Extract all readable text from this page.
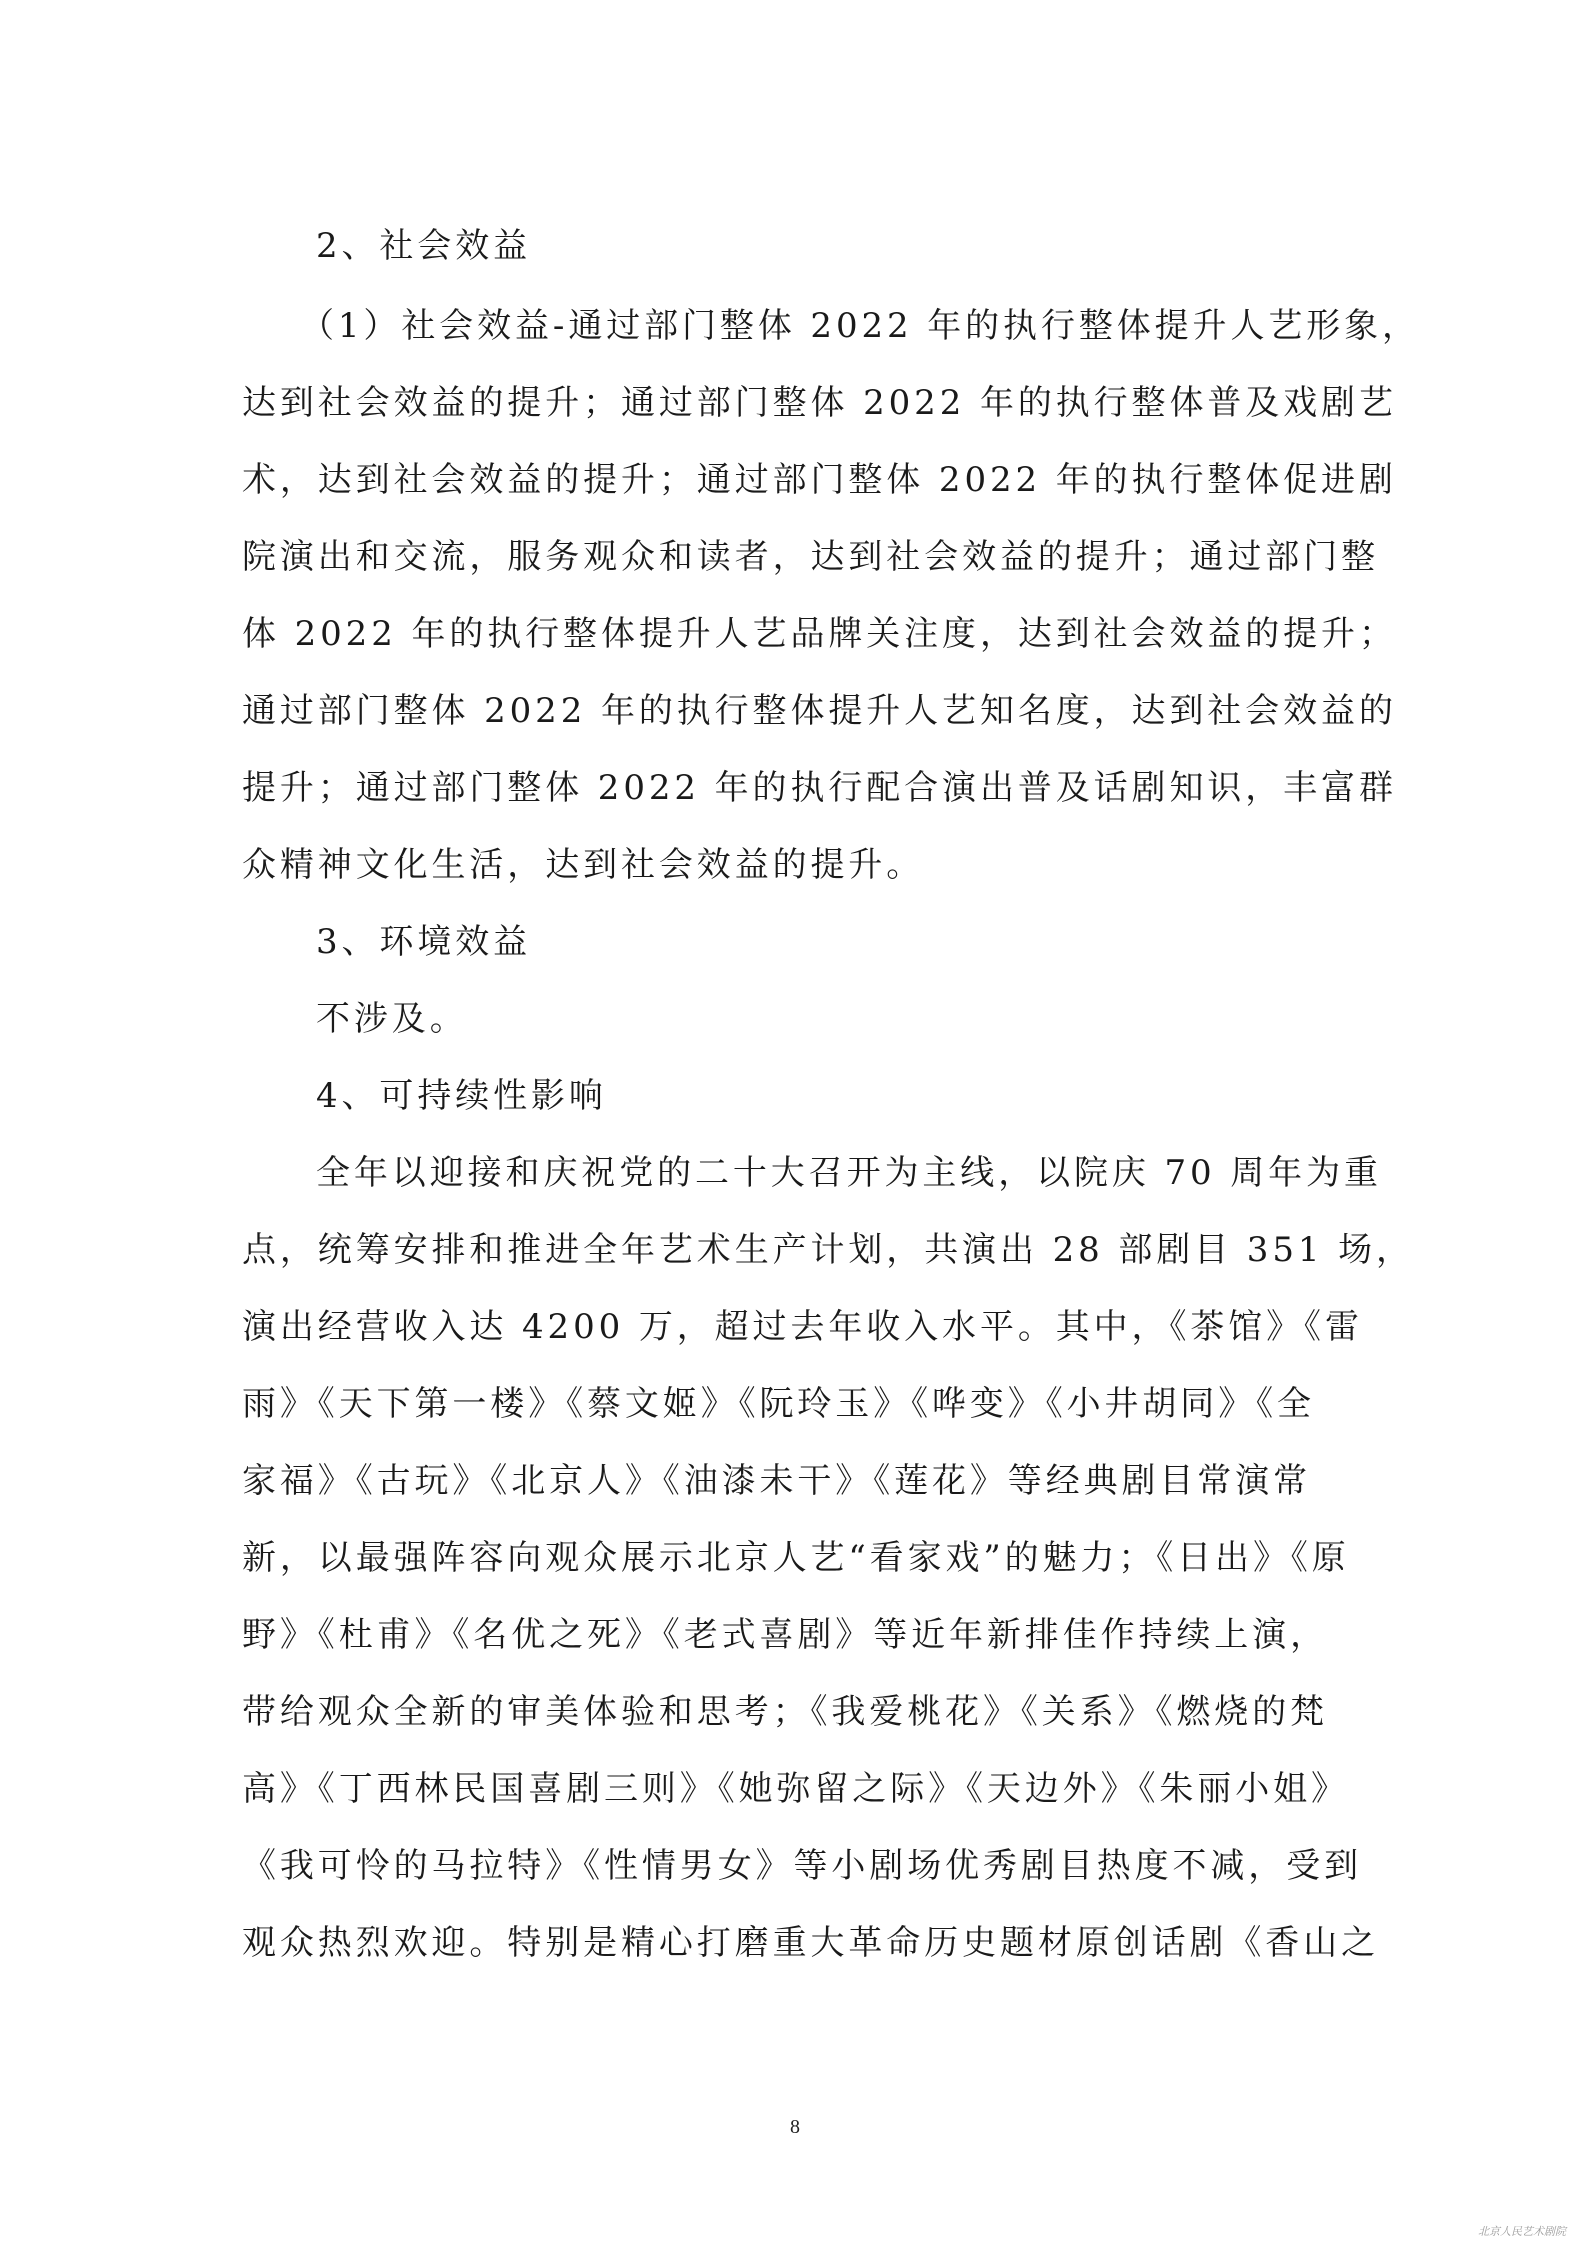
2、社会效益
（1）社会效益-通过部门整体 2022 年的执行整体提升人艺形象，
达到社会效益的提升；通过部门整体 2022 年的执行整体普及戏剧艺
术，达到社会效益的提升；通过部门整体 2022 年的执行整体促进剧
院演出和交流，服务观众和读者，达到社会效益的提升；通过部门整
体 2022 年的执行整体提升人艺品牌关注度，达到社会效益的提升；
通过部门整体 2022 年的执行整体提升人艺知名度，达到社会效益的
提升；通过部门整体 2022 年的执行配合演出普及话剧知识，丰富群
众精神文化生活，达到社会效益的提升。
3、环境效益
不涉及。
4、可持续性影响
全年以迎接和庆祝党的二十大召开为主线，以院庆 70 周年为重
点，统筹安排和推进全年艺术生产计划，共演出 28 部剧目 351 场，
演出经营收入达 4200 万，超过去年收入水平。其中，《茶馆》《雷
雨》《天下第一楼》《蔡文姬》《阮玲玉》《哗变》《小井胡同》《全
家福》《古玩》《北京人》《油漆未干》《莲花》等经典剧目常演常
新，以最强阵容向观众展示北京人艺“看家戏”的魅力；《日出》《原
野》《杜甫》《名优之死》《老式喜剧》等近年新排佳作持续上演，
带给观众全新的审美体验和思考；《我爱桃花》《关系》《燃烧的梵
高》《丁西林民国喜剧三则》《她弥留之际》《天边外》《朱丽小姐》
《我可怜的马拉特》《性情男女》等小剧场优秀剧目热度不减，受到
观众热烈欢迎。特别是精心打磨重大革命历史题材原创话剧《香山之
8
北京人民艺术剧院
